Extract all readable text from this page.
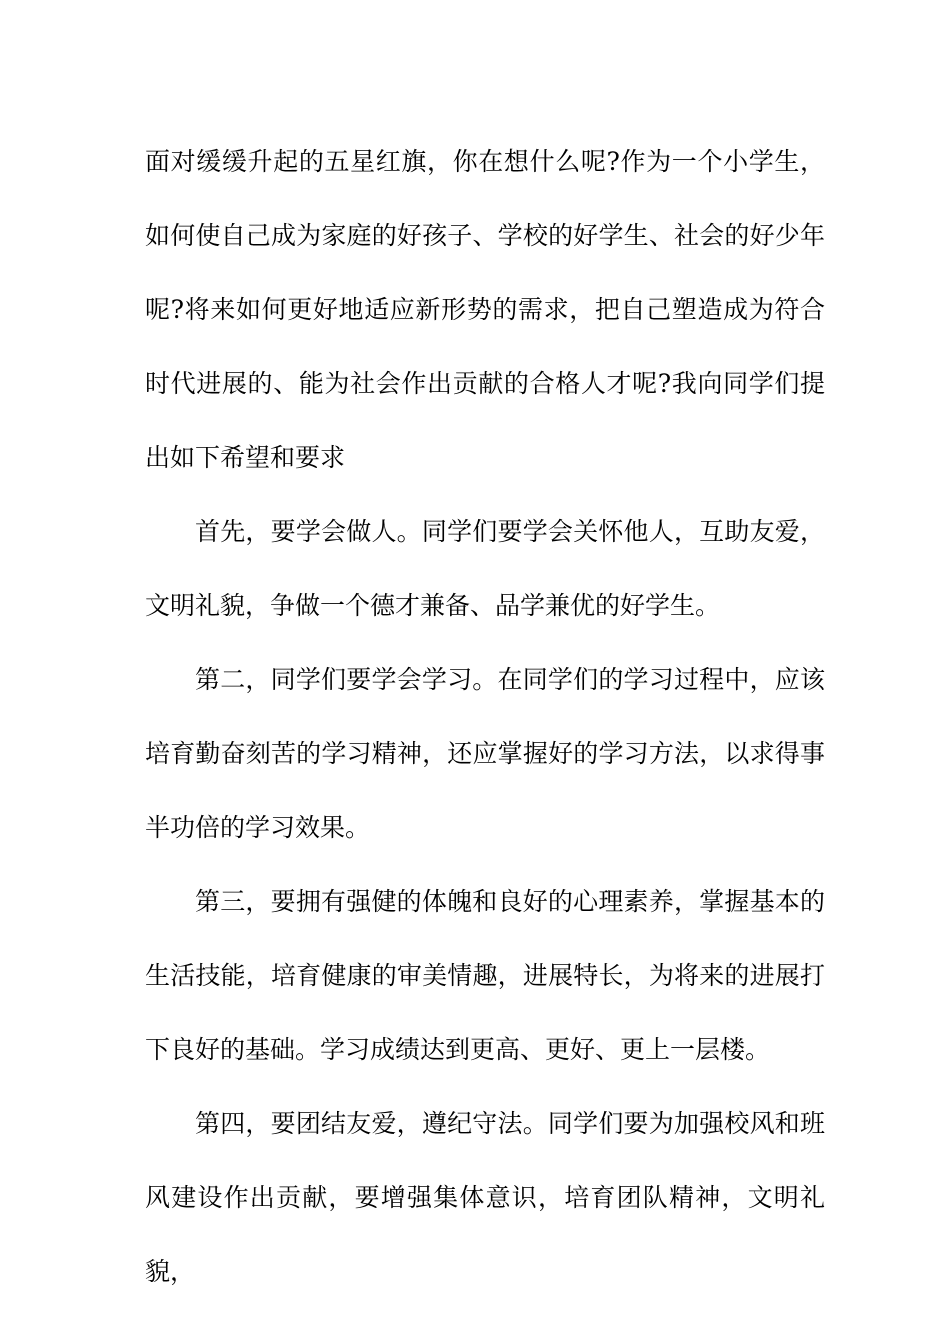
面对缓缓升起的五星红旗，你在想什么呢?作为一个小学生，如何使自己成为家庭的好孩子、学校的好学生、社会的好少年呢?将来如何更好地适应新形势的需求，把自己塑造成为符合时代进展的、能为社会作出贡献的合格人才呢?我向同学们提出如下希望和要求

首先，要学会做人。同学们要学会关怀他人，互助友爱，文明礼貌，争做一个德才兼备、品学兼优的好学生。

第二，同学们要学会学习。在同学们的学习过程中，应该培育勤奋刻苦的学习精神，还应掌握好的学习方法，以求得事半功倍的学习效果。

第三，要拥有强健的体魄和良好的心理素养，掌握基本的生活技能，培育健康的审美情趣，进展特长，为将来的进展打下良好的基础。学习成绩达到更高、更好、更上一层楼。

第四，要团结友爱，遵纪守法。同学们要为加强校风和班风建设作出贡献，要增强集体意识，培育团队精神，文明礼貌，
